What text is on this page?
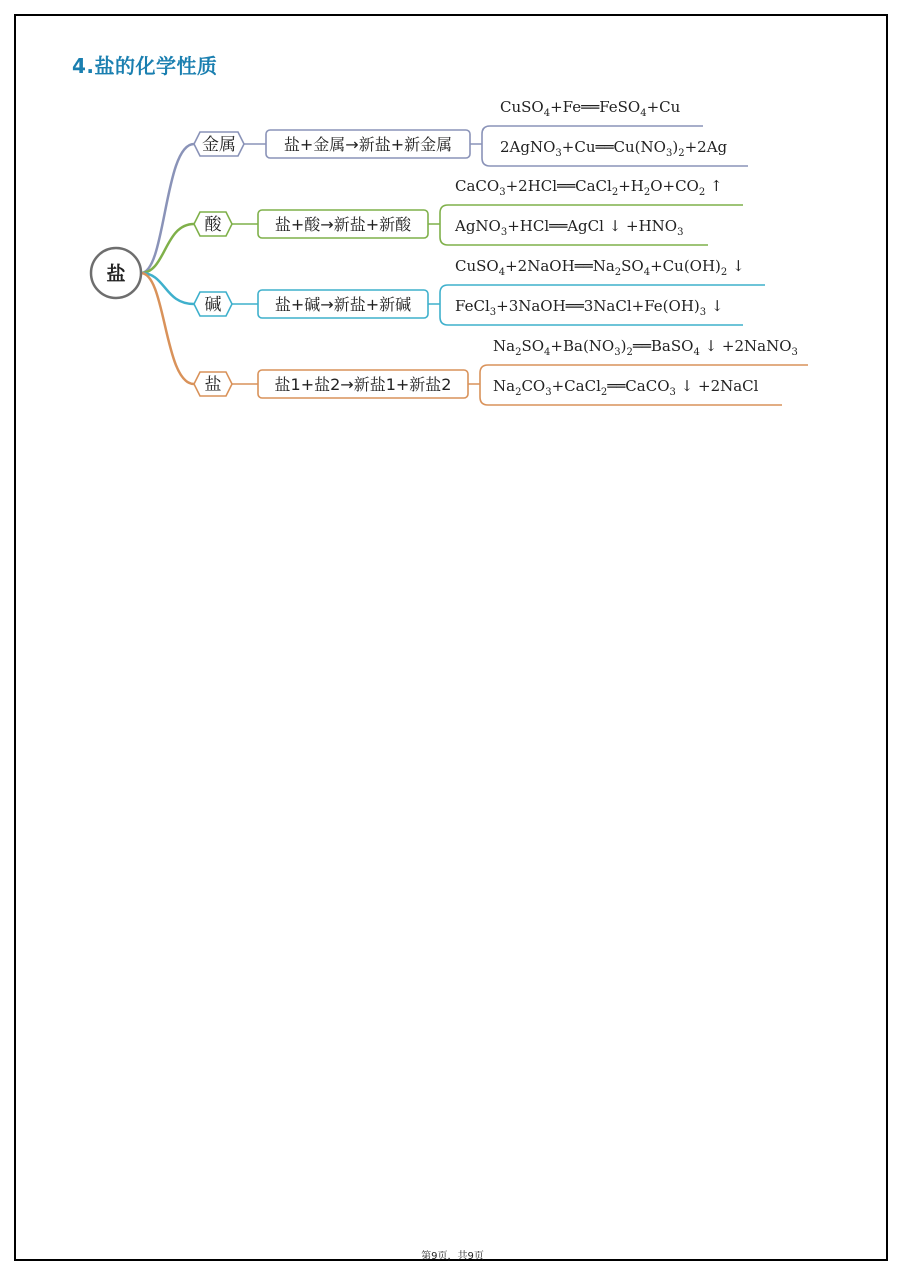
4.盐的化学性质
盐
金属	盐+金属→新盐+新金属
CuSO$_4$+Fe══FeSO$_4$+Cu
$2AgNO_3+Cu══Cu(NO_3)_2+2Ag$
酸	盐+酸→新盐+新酸
$CaCO_3+2HCl══CaCl_2+H_2O+CO_2$ ↑
AgNO$_3$+HCl══AgCl ↓ $+HNO_3$
碱	盐+碱→新盐+新碱
$CuSO_4+2NaOH══Na_2SO_4+Cu(OH)_2$ ↓
$FeCl_3+3NaOH══3NaCl+Fe(OH)_3$ ↓
盐	盐1+盐2→新盐1+新盐2
$Na_2SO_4+Ba(NO_3)_2══BaSO_4$ ↓ +2NaNO$_3$
$Na_2CO_3+CaCl_2══CaCO_3$ ↓ +2NaCl
第9页，共9页
